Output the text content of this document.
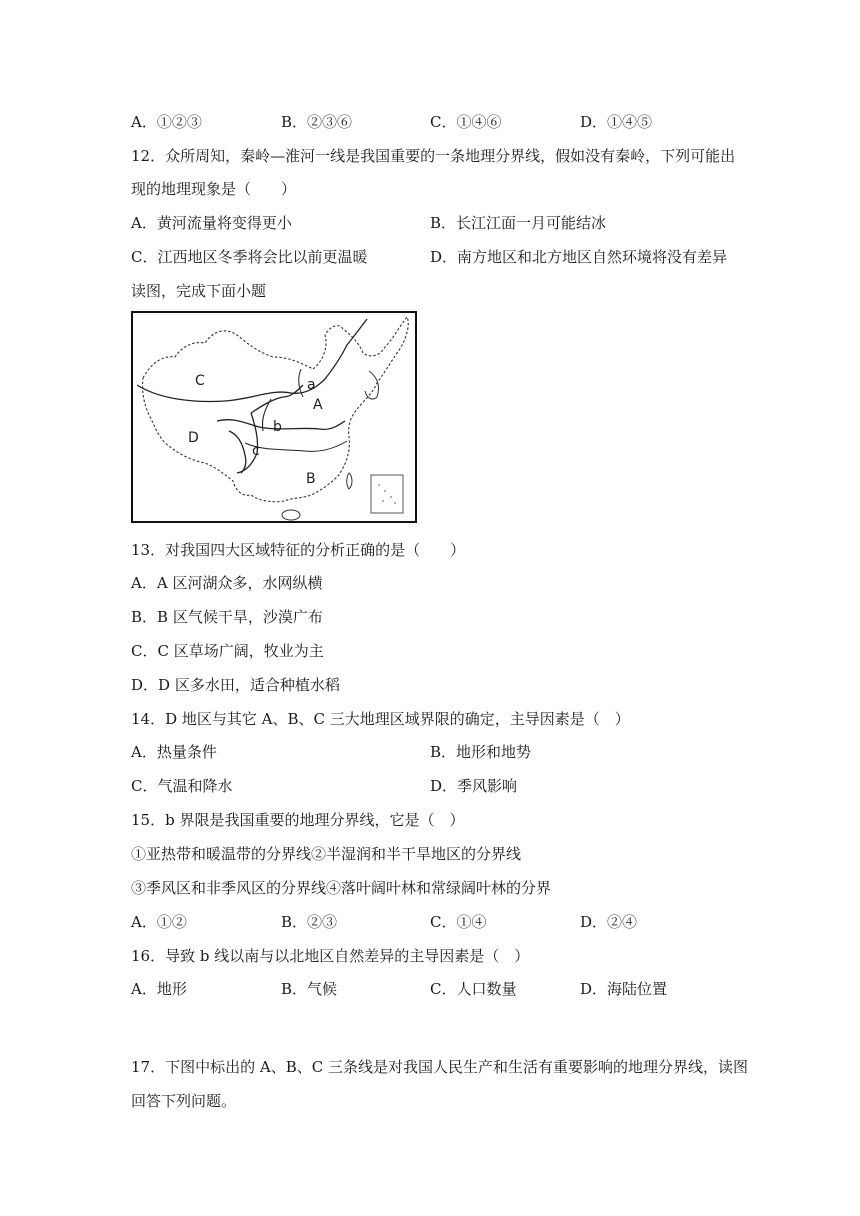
A．①②③	B．②③⑥	C．①④⑥	D．①④⑤
12．众所周知，秦岭—淮河一线是我国重要的一条地理分界线，假如没有秦岭，下列可能出
现的地理现象是（　　）
A．黄河流量将变得更小	B．长江江面一月可能结冰
C．江西地区冬季将会比以前更温暖	D．南方地区和北方地区自然环境将没有差异
读图，完成下面小题
C	a
A
D
b
c
B
13．对我国四大区域特征的分析正确的是（　　）
A．A 区河湖众多，水网纵横
B．B 区气候干旱，沙漠广布
C．C 区草场广阔，牧业为主
D．D 区多水田，适合种植水稻
14．D 地区与其它 A、B、C 三大地理区域界限的确定，主导因素是（　）
A．热量条件	B．地形和地势
C．气温和降水	D．季风影响
15．b 界限是我国重要的地理分界线，它是（　）
①亚热带和暖温带的分界线②半湿润和半干旱地区的分界线
③季风区和非季风区的分界线④落叶阔叶林和常绿阔叶林的分界
A．①②	B．②③	C．①④	D．②④
16．导致 b 线以南与以北地区自然差异的主导因素是（　）
A．地形	B．气候	C．人口数量	D．海陆位置
17．下图中标出的 A、B、C 三条线是对我国人民生产和生活有重要影响的地理分界线，读图
回答下列问题。
